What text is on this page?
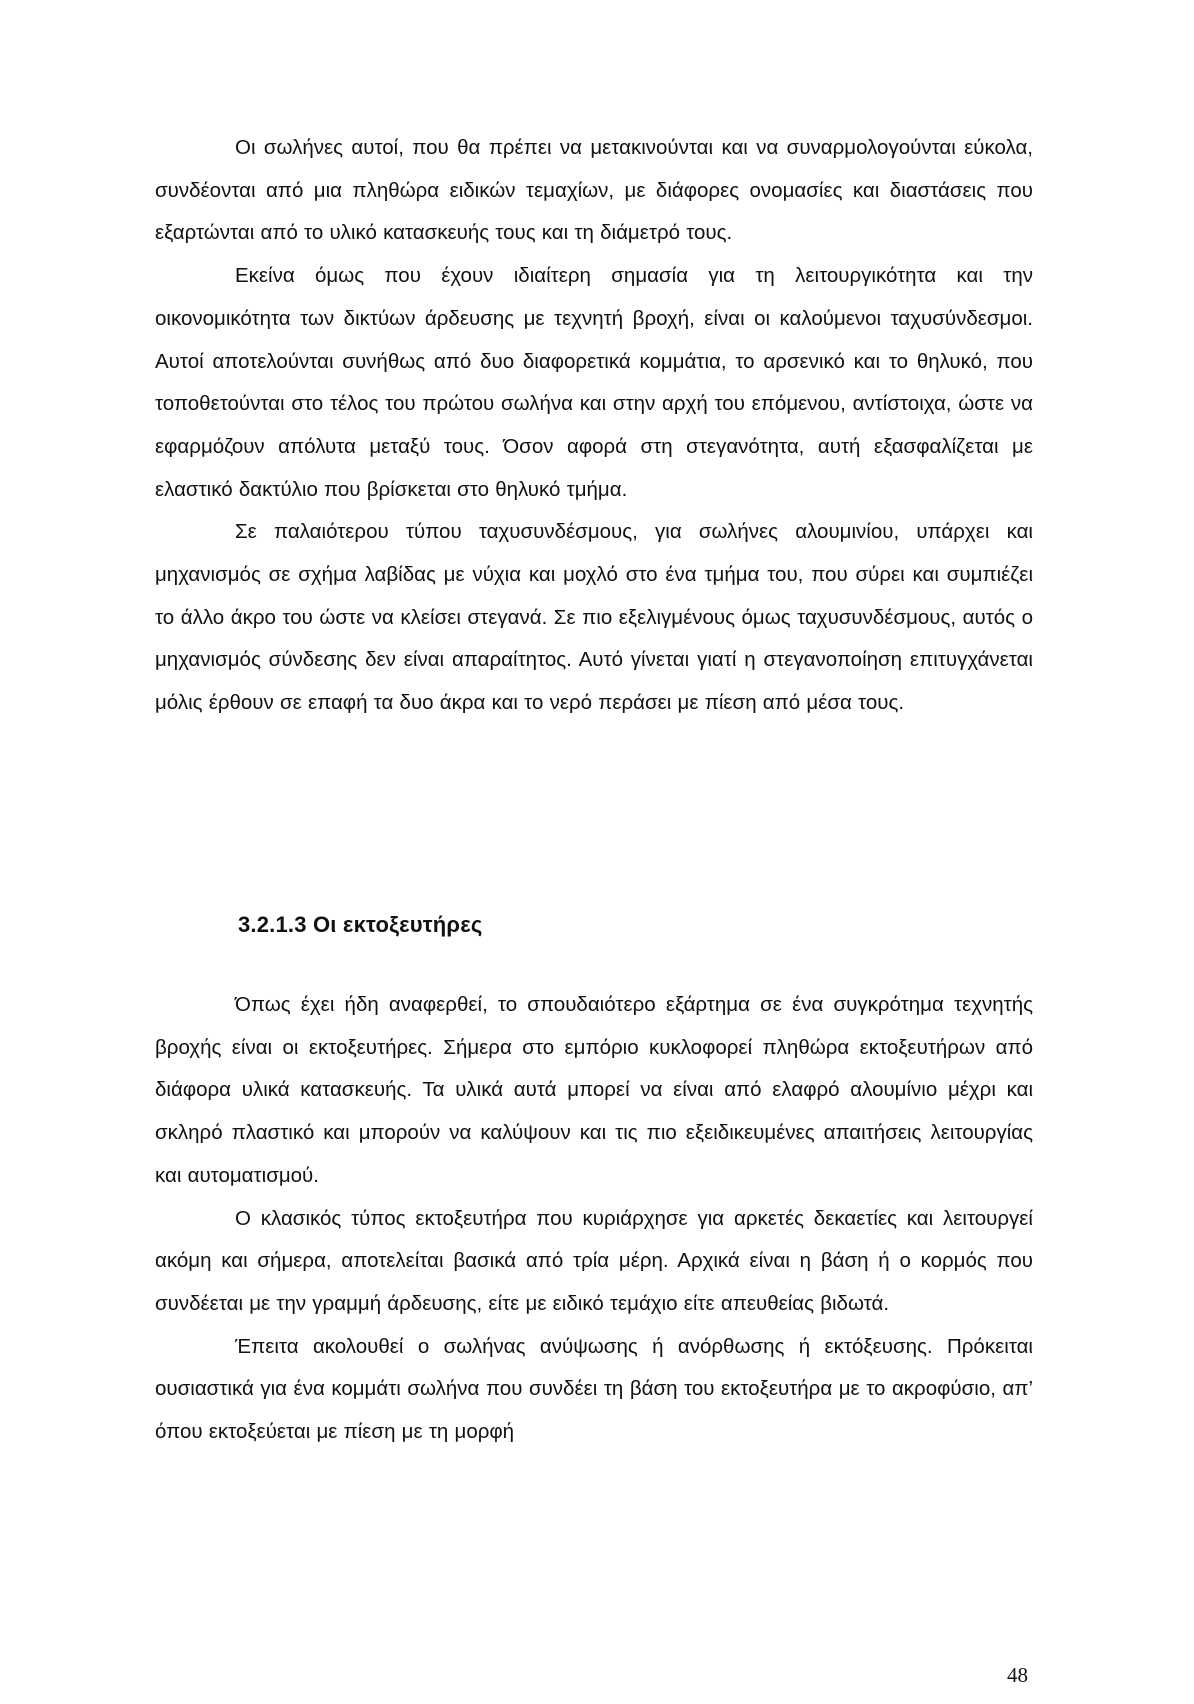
Οι σωλήνες αυτοί, που θα πρέπει να μετακινούνται και να συναρμολογούνται εύκολα, συνδέονται από μια πληθώρα ειδικών τεμαχίων, με διάφορες ονομασίες και διαστάσεις που εξαρτώνται από το υλικό κατασκευής τους και τη διάμετρό τους.

Εκείνα όμως που έχουν ιδιαίτερη σημασία για τη λειτουργικότητα και την οικονομικότητα των δικτύων άρδευσης με τεχνητή βροχή, είναι οι καλούμενοι ταχυσύνδεσμοι. Αυτοί αποτελούνται συνήθως από δυο διαφορετικά κομμάτια, το αρσενικό και το θηλυκό, που τοποθετούνται στο τέλος του πρώτου σωλήνα και στην αρχή του επόμενου, αντίστοιχα, ώστε να εφαρμόζουν απόλυτα μεταξύ τους. Όσον αφορά στη στεγανότητα, αυτή εξασφαλίζεται με ελαστικό δακτύλιο που βρίσκεται στο θηλυκό τμήμα.

Σε παλαιότερου τύπου ταχυσυνδέσμους, για σωλήνες αλουμινίου, υπάρχει και μηχανισμός σε σχήμα λαβίδας με νύχια και μοχλό στο ένα τμήμα του, που σύρει και συμπιέζει το άλλο άκρο του ώστε να κλείσει στεγανά. Σε πιο εξελιγμένους όμως ταχυσυνδέσμους, αυτός ο μηχανισμός σύνδεσης δεν είναι απαραίτητος. Αυτό γίνεται γιατί η στεγανοποίηση επιτυγχάνεται μόλις έρθουν σε επαφή τα δυο άκρα και το νερό περάσει με πίεση από μέσα τους.

3.2.1.3 Οι εκτοξευτήρες

Όπως έχει ήδη αναφερθεί, το σπουδαιότερο εξάρτημα σε ένα συγκρότημα τεχνητής βροχής είναι οι εκτοξευτήρες. Σήμερα στο εμπόριο κυκλοφορεί πληθώρα εκτοξευτήρων από διάφορα υλικά κατασκευής. Τα υλικά αυτά μπορεί να είναι από ελαφρό αλουμίνιο μέχρι και σκληρό πλαστικό και μπορούν να καλύψουν και τις πιο εξειδικευμένες απαιτήσεις λειτουργίας και αυτοματισμού.

Ο κλασικός τύπος εκτοξευτήρα που κυριάρχησε για αρκετές δεκαετίες και λειτουργεί ακόμη και σήμερα, αποτελείται βασικά από τρία μέρη. Αρχικά είναι η βάση ή ο κορμός που συνδέεται με την γραμμή άρδευσης, είτε με ειδικό τεμάχιο είτε απευθείας βιδωτά.

Έπειτα ακολουθεί ο σωλήνας ανύψωσης ή ανόρθωσης ή εκτόξευσης. Πρόκειται ουσιαστικά για ένα κομμάτι σωλήνα που συνδέει τη βάση του εκτοξευτήρα με το ακροφύσιο, απ’ όπου εκτοξεύεται με πίεση με τη μορφή

48
